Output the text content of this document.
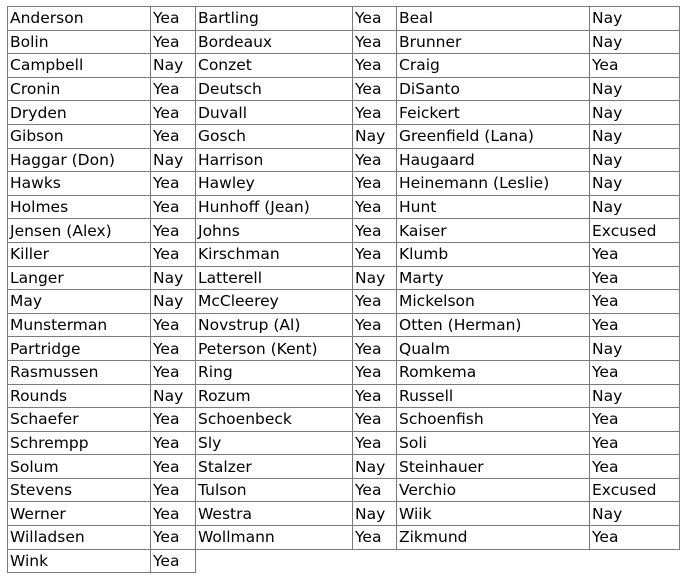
Anderson	Yea	Bartling	Yea	Beal	Nay
Bolin	Yea	Bordeaux	Yea	Brunner	Nay
Campbell	Nay	Conzet	Yea	Craig	Yea
Cronin	Yea	Deutsch	Yea	DiSanto	Nay
Dryden	Yea	Duvall	Yea	Feickert	Nay
Gibson	Yea	Gosch	Nay	Greenfield (Lana)	Nay
Haggar (Don)	Nay	Harrison	Yea	Haugaard	Nay
Hawks	Yea	Hawley	Yea	Heinemann (Leslie)	Nay
Holmes	Yea	Hunhoff (Jean)	Yea	Hunt	Nay
Jensen (Alex)	Yea	Johns	Yea	Kaiser	Excused
Killer	Yea	Kirschman	Yea	Klumb	Yea
Langer	Nay	Latterell	Nay	Marty	Yea
May	Nay	McCleerey	Yea	Mickelson	Yea
Munsterman	Yea	Novstrup (Al)	Yea	Otten (Herman)	Yea
Partridge	Yea	Peterson (Kent)	Yea	Qualm	Nay
Rasmussen	Yea	Ring	Yea	Romkema	Yea
Rounds	Nay	Rozum	Yea	Russell	Nay
Schaefer	Yea	Schoenbeck	Yea	Schoenfish	Yea
Schrempp	Yea	Sly	Yea	Soli	Yea
Solum	Yea	Stalzer	Nay	Steinhauer	Yea
Stevens	Yea	Tulson	Yea	Verchio	Excused
Werner	Yea	Westra	Nay	Wiik	Nay
Willadsen	Yea	Wollmann	Yea	Zikmund	Yea
Wink	Yea				
